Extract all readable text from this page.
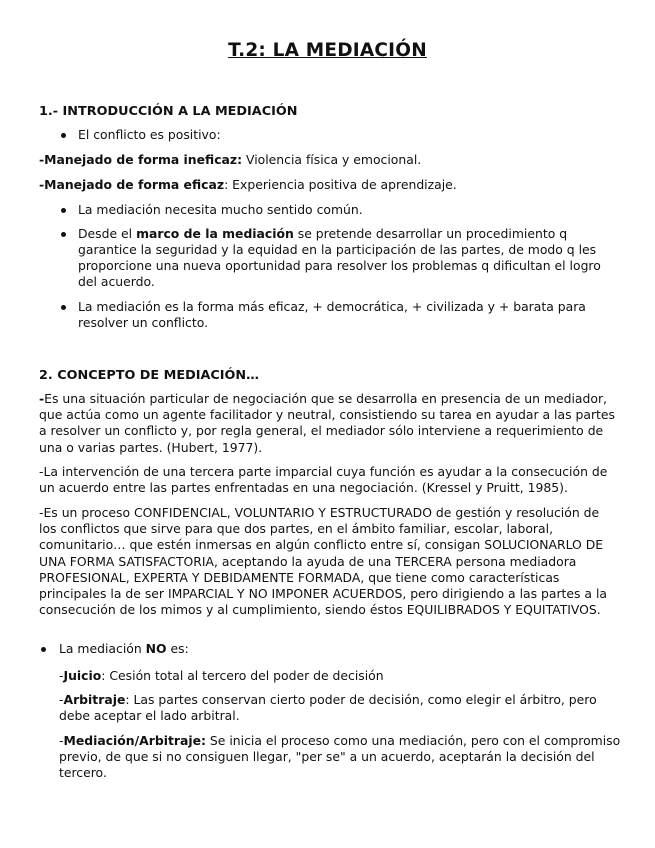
T.2: LA MEDIACIÓN
1.- INTRODUCCIÓN A LA MEDIACIÓN
El conflicto es positivo:
-Manejado de forma ineficaz: Violencia física y emocional.
-Manejado de forma eficaz: Experiencia positiva de aprendizaje.
La mediación necesita mucho sentido común.
Desde el marco de la mediación se pretende desarrollar un procedimiento q garantice la seguridad y la equidad en la participación de las partes, de modo q les proporcione una nueva oportunidad para resolver los problemas q dificultan el logro del acuerdo.
La mediación es la forma más eficaz, + democrática, + civilizada y + barata para resolver un conflicto.
2. CONCEPTO DE MEDIACIÓN…
-Es una situación particular de negociación que se desarrolla en presencia de un mediador, que actúa como un agente facilitador y neutral, consistiendo su tarea en ayudar a las partes a resolver un conflicto y, por regla general, el mediador sólo interviene a requerimiento de una o varias partes. (Hubert, 1977).
-La intervención de una tercera parte imparcial cuya función es ayudar a la consecución de un acuerdo entre las partes enfrentadas en una negociación. (Kressel y Pruitt, 1985).
-Es un proceso CONFIDENCIAL, VOLUNTARIO Y ESTRUCTURADO de gestión y resolución de los conflictos que sirve para que dos partes, en el ámbito familiar, escolar, laboral, comunitario… que estén inmersas en algún conflicto entre sí, consigan SOLUCIONARLO DE UNA FORMA SATISFACTORIA, aceptando la ayuda de una TERCERA persona mediadora PROFESIONAL, EXPERTA Y DEBIDAMENTE FORMADA, que tiene como características principales la de ser IMPARCIAL Y NO IMPONER ACUERDOS, pero dirigiendo a las partes a la consecución de los mimos y al cumplimiento, siendo éstos EQUILIBRADOS Y EQUITATIVOS.
La mediación NO es:
-Juicio: Cesión total al tercero del poder de decisión
-Arbitraje: Las partes conservan cierto poder de decisión, como elegir el árbitro, pero debe aceptar el lado arbitral.
-Mediación/Arbitraje: Se inicia el proceso como una mediación, pero con el compromiso previo, de que si no consiguen llegar, "per se" a un acuerdo, aceptarán la decisión del tercero.
